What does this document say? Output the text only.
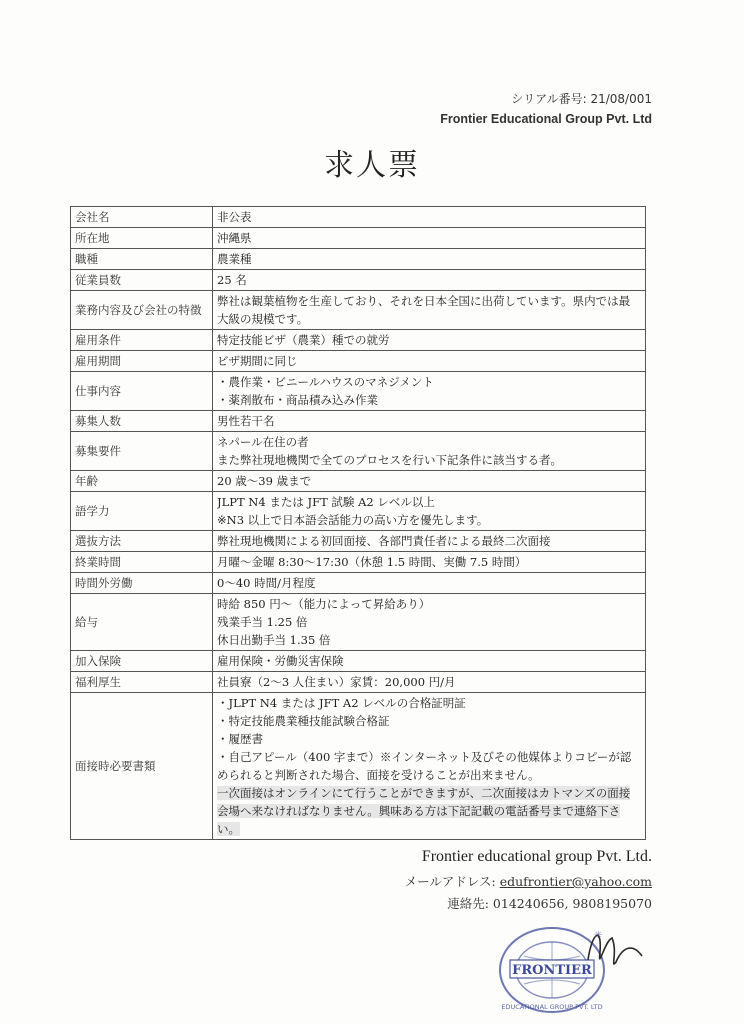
シリアル番号: 21/08/001
Frontier Educational Group Pvt. Ltd
求人票
会社名	非公表

所在地	沖縄県

職種	農業種

従業員数	25 名

業務内容及び会社の特徴	弊社は観葉植物を生産しており、それを日本全国に出荷しています。県内では最大級の規模です。

雇用条件	特定技能ビザ（農業）種での就労

雇用期間	ビザ期間に同じ

仕事内容	・農作業・ビニールハウスのマネジメント
・薬剤散布・商品積み込み作業

募集人数	男性若干名

募集要件	ネパール在住の者
また弊社現地機関で全てのプロセスを行い下記条件に該当する者。

年齢	20 歳～39 歳まで

語学力	JLPT N4 または JFT 試験 A2 レベル以上
※N3 以上で日本語会話能力の高い方を優先します。

選抜方法	弊社現地機関による初回面接、各部門責任者による最終二次面接

終業時間	月曜～金曜 8:30～17:30（休憩 1.5 時間、実働 7.5 時間）

時間外労働	0～40 時間/月程度

給与	時給 850 円～（能力によって昇給あり）
残業手当 1.25 倍
休日出勤手当 1.35 倍

加入保険	雇用保険・労働災害保険

福利厚生	社員寮（2～3 人住まい）家賃：20,000 円/月

面接時必要書類	・JLPT N4 または JFT A2 レベルの合格証明証
・特定技能農業種技能試験合格証
・履歴書
・自己アピール（400 字まで）※インターネット及びその他媒体よりコピーが認められると判断された場合、面接を受けることが出来ません。
一次面接はオンラインにて行うことができますが、二次面接はカトマンズの面接会場へ来なければなりません。興味ある方は下記記載の電話番号まで連絡下さい。
Frontier educational group Pvt. Ltd.
メールアドレス: edufrontier@yahoo.com
連絡先: 014240656, 9808195070
FRONTIER
EDUCATIONAL GROUP PVT. LTD
✳
